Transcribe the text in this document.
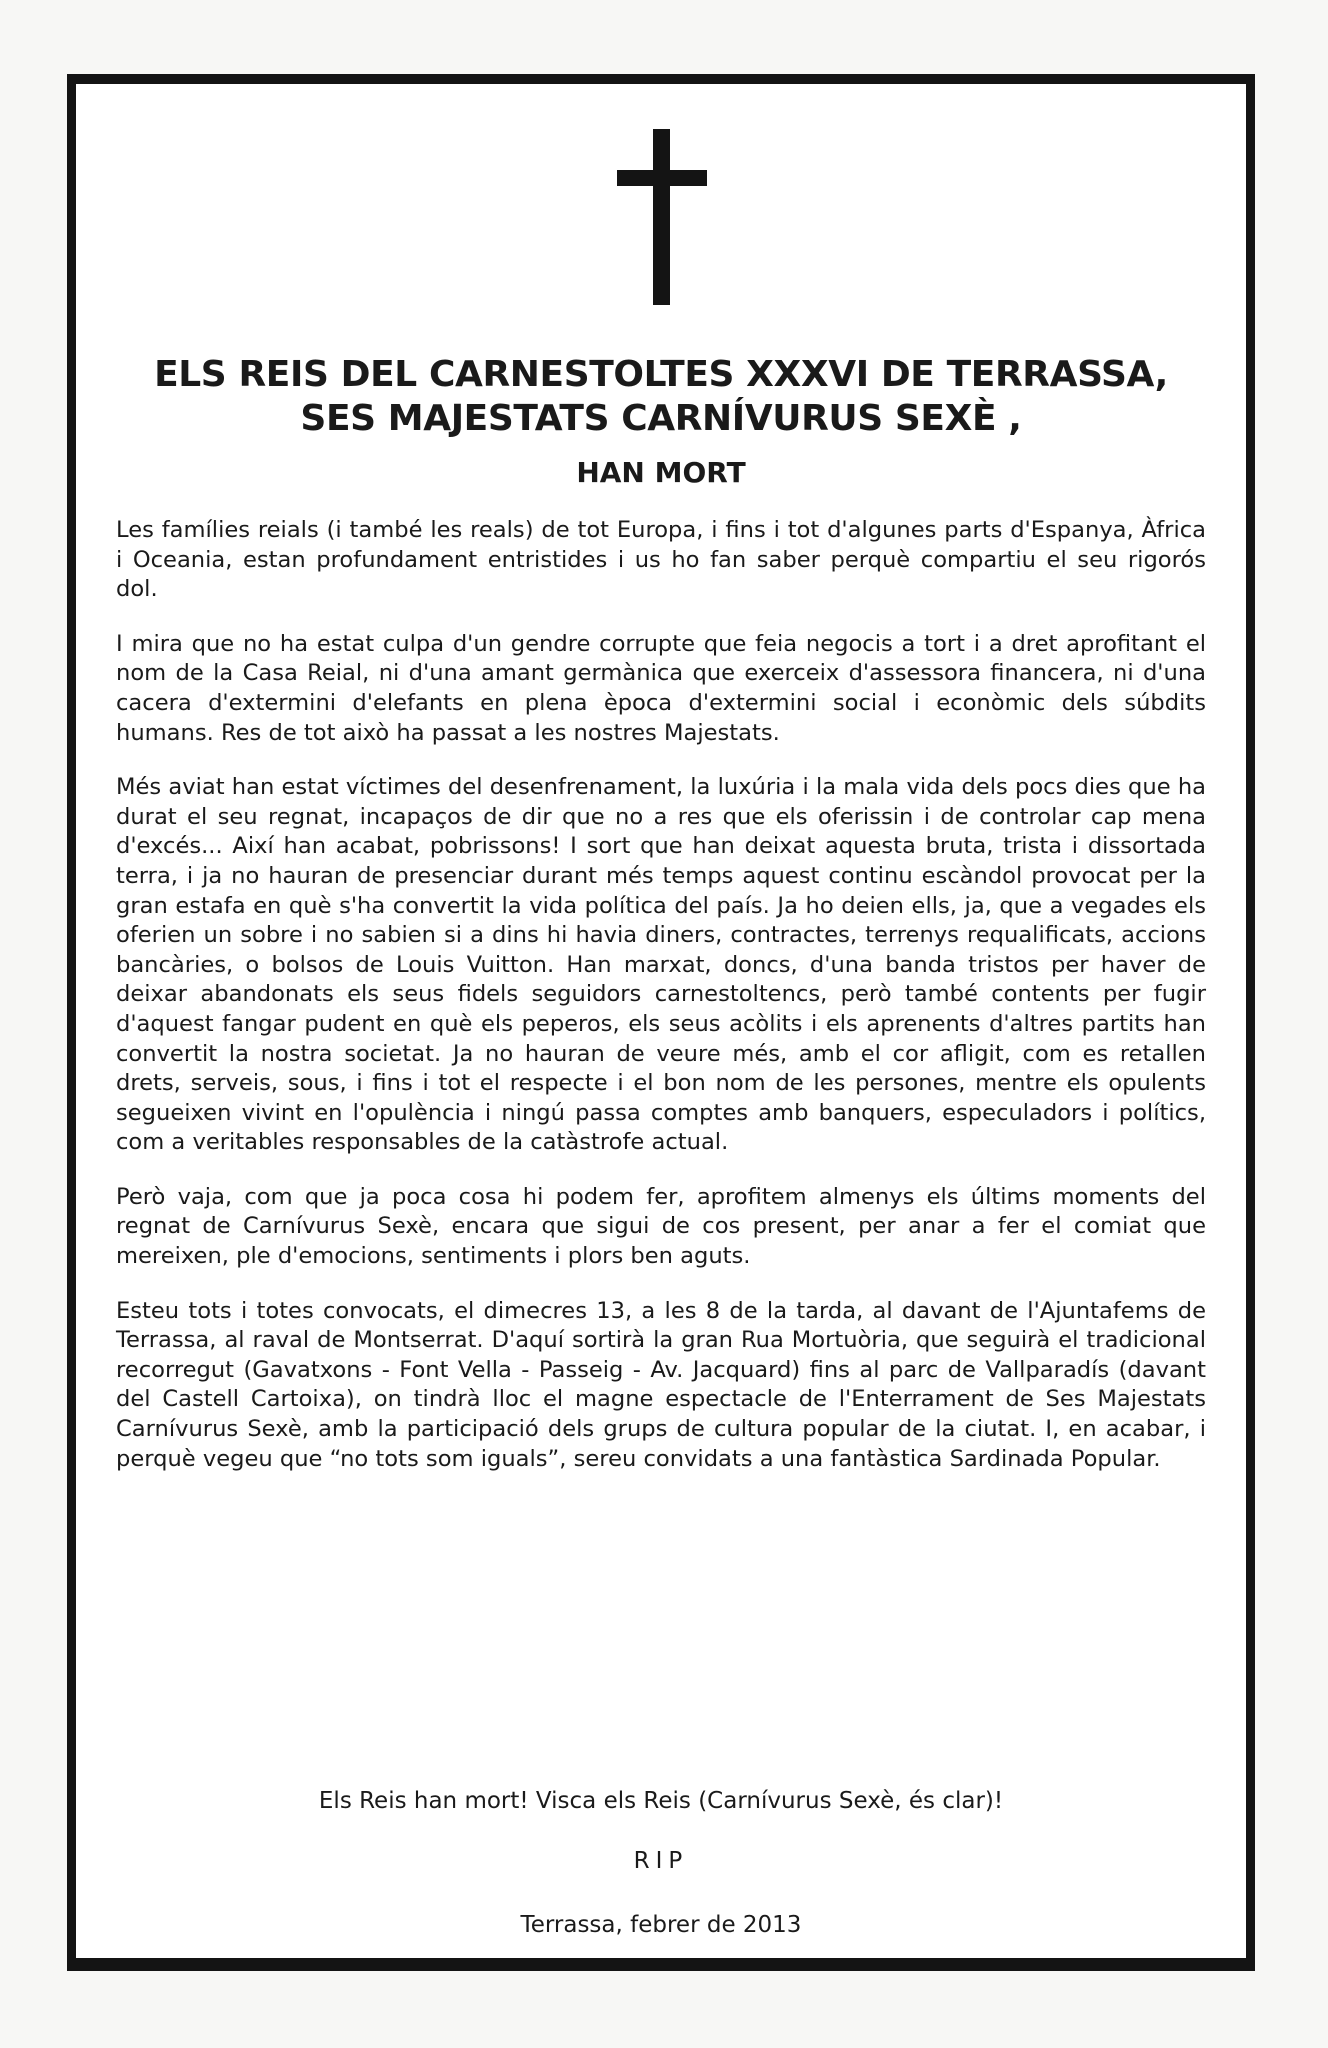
ELS REIS DEL CARNESTOLTES XXXVI DE TERRASSA,
SES MAJESTATS CARNÍVURUS SEXÈ ,
HAN MORT

Les famílies reials (i també les reals) de tot Europa, i fins i tot d'algunes parts d'Espanya, Àfrica i Oceania, estan profundament entristides i us ho fan saber perquè compartiu el seu rigorós dol.

I mira que no ha estat culpa d'un gendre corrupte que feia negocis a tort i a dret aprofitant el nom de la Casa Reial, ni d'una amant germànica que exerceix d'assessora financera, ni d'una cacera d'extermini d'elefants en plena època d'extermini social i econòmic dels súbdits humans. Res de tot això ha passat a les nostres Majestats.

Més aviat han estat víctimes del desenfrenament, la luxúria i la mala vida dels pocs dies que ha durat el seu regnat, incapaços de dir que no a res que els oferissin i de controlar cap mena d'excés... Així han acabat, pobrissons! I sort que han deixat aquesta bruta, trista i dissortada terra, i ja no hauran de presenciar durant més temps aquest continu escàndol provocat per la gran estafa en què s'ha convertit la vida política del país. Ja ho deien ells, ja, que a vegades els oferien un sobre i no sabien si a dins hi havia diners, contractes, terrenys requalificats, accions bancàries, o bolsos de Louis Vuitton. Han marxat, doncs, d'una banda tristos per haver de deixar abandonats els seus fidels seguidors carnestoltencs, però també contents per fugir d'aquest fangar pudent en què els peperos, els seus acòlits i els aprenents d'altres partits han convertit la nostra societat. Ja no hauran de veure més, amb el cor afligit, com es retallen drets, serveis, sous, i fins i tot el respecte i el bon nom de les persones, mentre els opulents segueixen vivint en l'opulència i ningú passa comptes amb banquers, especuladors i polítics, com a veritables responsables de la catàstrofe actual.

Però vaja, com que ja poca cosa hi podem fer, aprofitem almenys els últims moments del regnat de Carnívurus Sexè, encara que sigui de cos present, per anar a fer el comiat que mereixen, ple d'emocions, sentiments i plors ben aguts.

Esteu tots i totes convocats, el dimecres 13, a les 8 de la tarda, al davant de l'Ajuntafems de Terrassa, al raval de Montserrat. D'aquí sortirà la gran Rua Mortuòria, que seguirà el tradicional recorregut (Gavatxons - Font Vella - Passeig - Av. Jacquard) fins al parc de Vallparadís (davant del Castell Cartoixa), on tindrà lloc el magne espectacle de l'Enterrament de Ses Majestats Carnívurus Sexè, amb la participació dels grups de cultura popular de la ciutat. I, en acabar, i perquè vegeu que “no tots som iguals”, sereu convidats a una fantàstica Sardinada Popular.

Els Reis han mort! Visca els Reis (Carnívurus Sexè, és clar)!

RIP

Terrassa, febrer de 2013
